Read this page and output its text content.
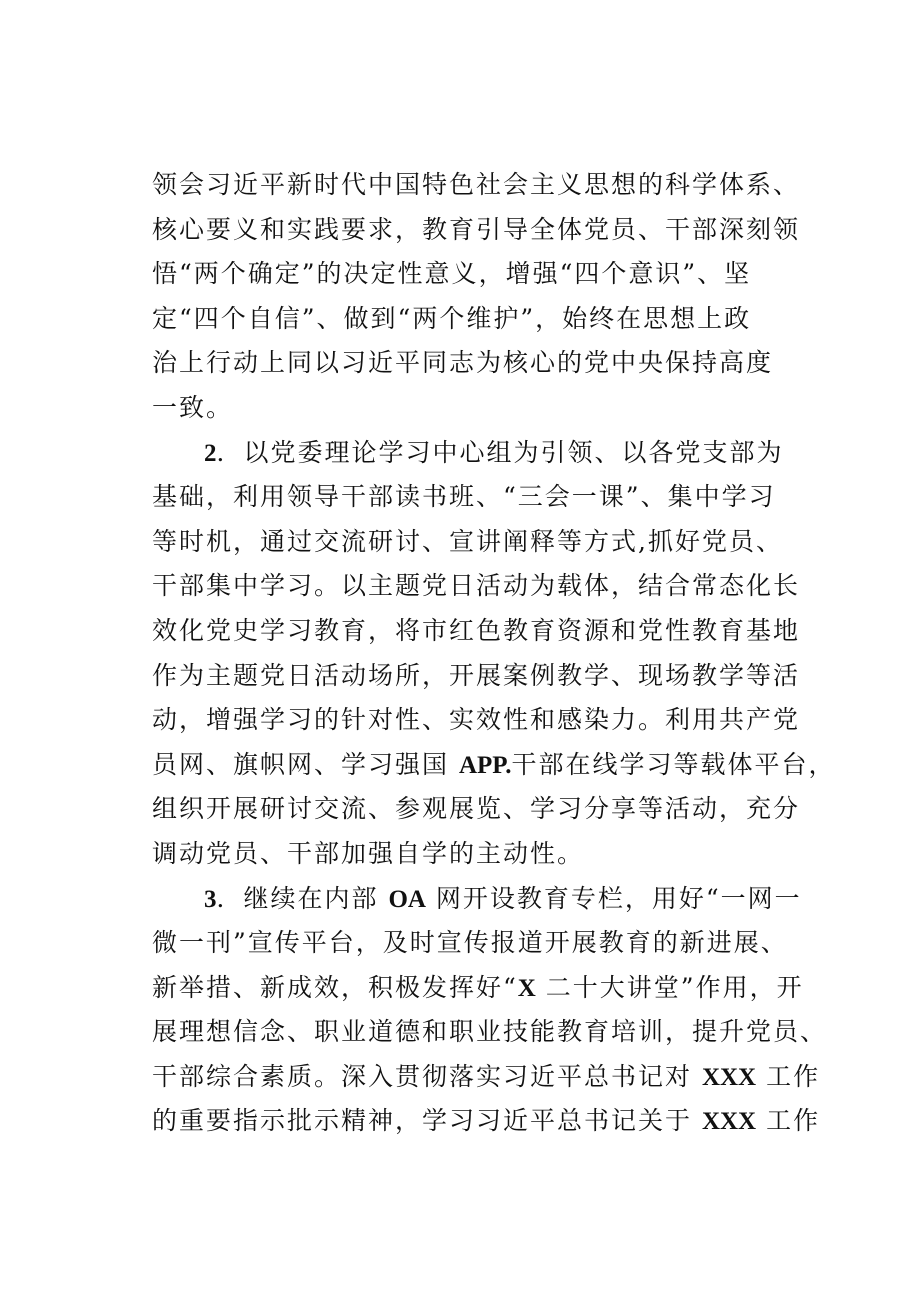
领会习近平新时代中国特色社会主义思想的科学体系、
核心要义和实践要求，教育引导全体党员、干部深刻领
悟“两个确定”的决定性意义，增强“四个意识”、坚
定“四个自信”、做到“两个维护”，始终在思想上政
治上行动上同以习近平同志为核心的党中央保持高度
一致。
2．以党委理论学习中心组为引领、以各党支部为
基础，利用领导干部读书班、“三会一课”、集中学习
等时机，通过交流研讨、宣讲阐释等方式,抓好党员、
干部集中学习。以主题党日活动为载体，结合常态化长
效化党史学习教育，将市红色教育资源和党性教育基地
作为主题党日活动场所，开展案例教学、现场教学等活
动，增强学习的针对性、实效性和感染力。利用共产党
员网、旗帜网、学习强国 APP.干部在线学习等载体平台，
组织开展研讨交流、参观展览、学习分享等活动，充分
调动党员、干部加强自学的主动性。
3．继续在内部 OA 网开设教育专栏，用好“一网一
微一刊”宣传平台，及时宣传报道开展教育的新进展、
新举措、新成效，积极发挥好“X 二十大讲堂”作用，开
展理想信念、职业道德和职业技能教育培训，提升党员、
干部综合素质。深入贯彻落实习近平总书记对 XXX 工作
的重要指示批示精神，学习习近平总书记关于 XXX 工作
